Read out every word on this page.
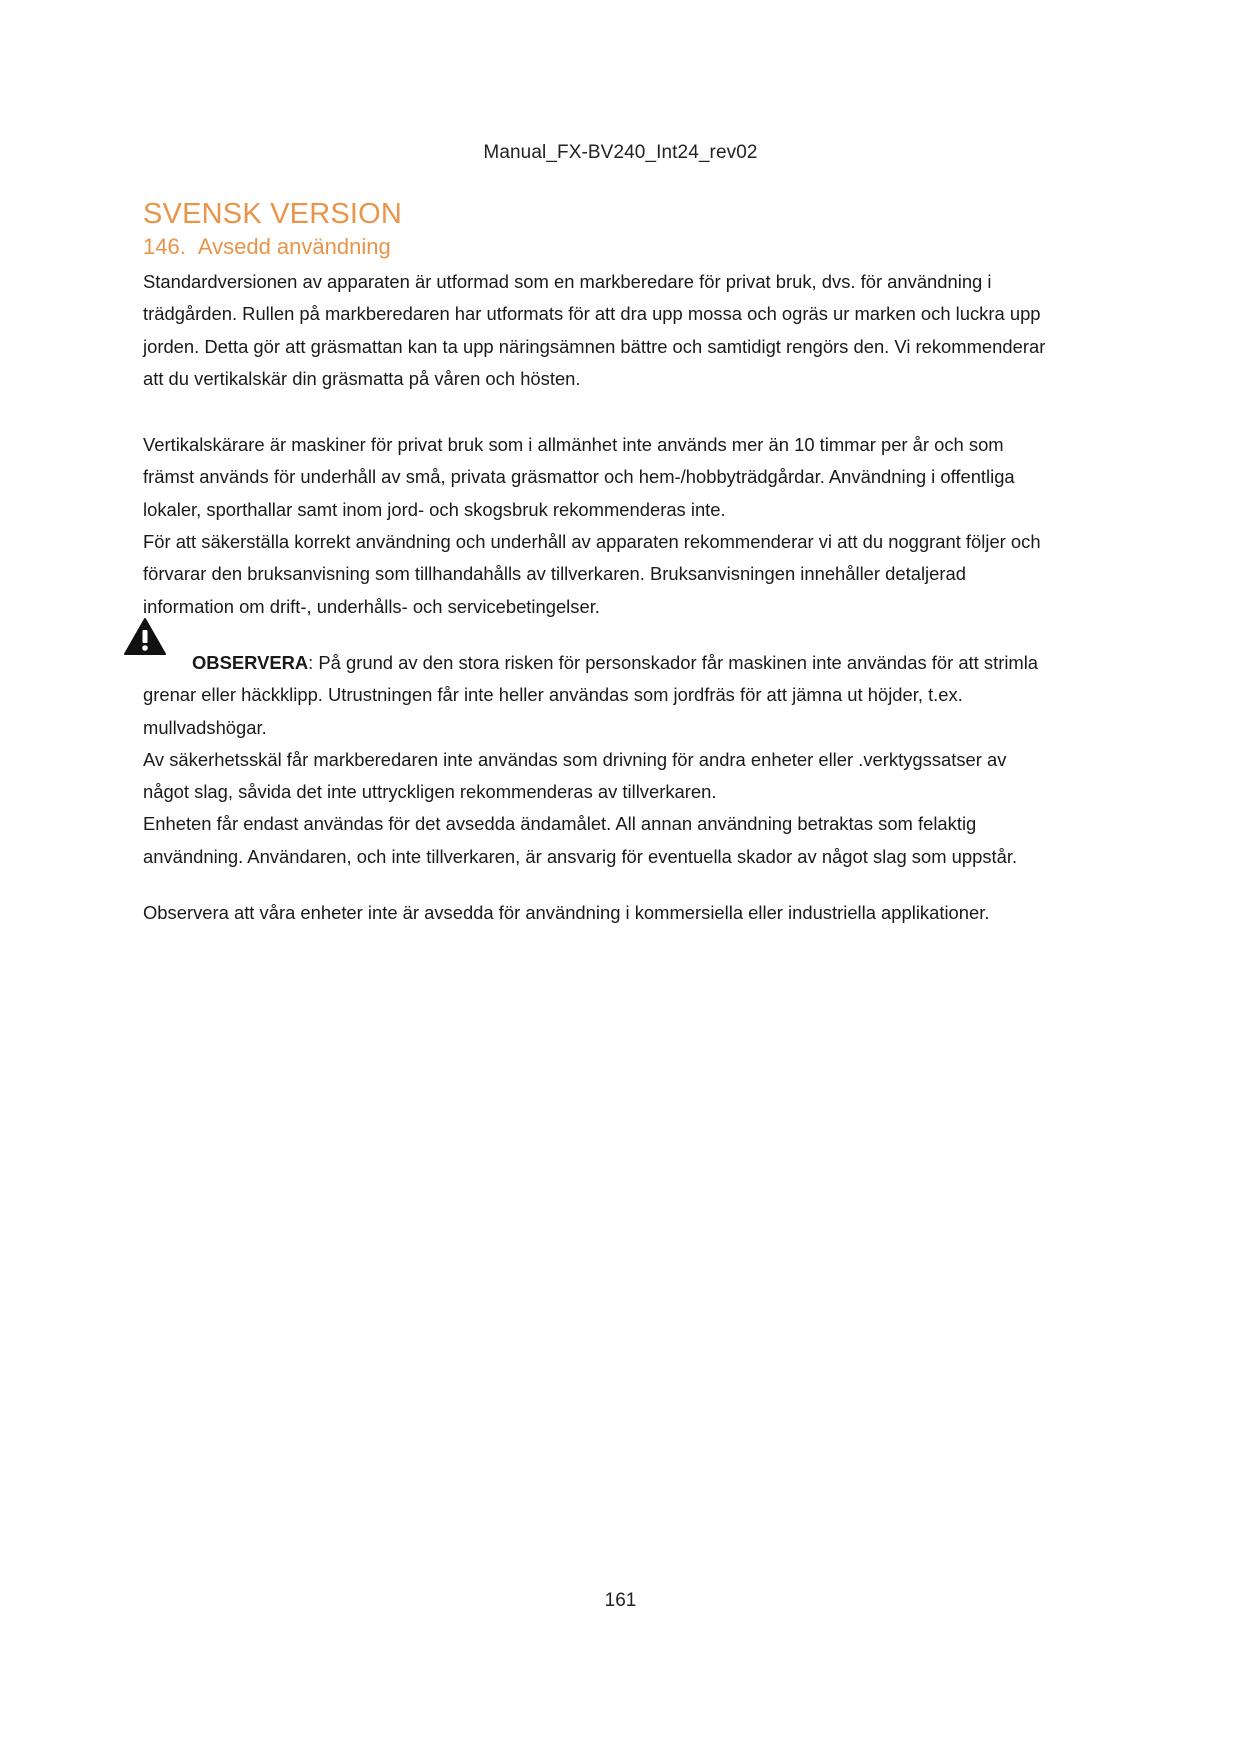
Manual_FX-BV240_Int24_rev02
SVENSK VERSION
146. Avsedd användning

Standardversionen av apparaten är utformad som en markberedare för privat bruk, dvs. för användning i trädgården. Rullen på markberedaren har utformats för att dra upp mossa och ogräs ur marken och luckra upp jorden. Detta gör att gräsmattan kan ta upp näringsämnen bättre och samtidigt rengörs den. Vi rekommenderar att du vertikalskär din gräsmatta på våren och hösten.

Vertikalskärare är maskiner för privat bruk som i allmänhet inte används mer än 10 timmar per år och som främst används för underhåll av små, privata gräsmattor och hem-/hobbyträdgårdar. Användning i offentliga lokaler, sporthallar samt inom jord- och skogsbruk rekommenderas inte.

För att säkerställa korrekt användning och underhåll av apparaten rekommenderar vi att du noggrant följer och förvarar den bruksanvisning som tillhandahålls av tillverkaren. Bruksanvisningen innehåller detaljerad information om drift-, underhålls- och servicebetingelser.

OBSERVERA: På grund av den stora risken för personskador får maskinen inte användas för att strimla grenar eller häckklipp. Utrustningen får inte heller användas som jordfräs för att jämna ut höjder, t.ex. mullvadshögar.

Av säkerhetsskäl får markberedaren inte användas som drivning för andra enheter eller .verktygssatser av något slag, såvida det inte uttryckligen rekommenderas av tillverkaren.

Enheten får endast användas för det avsedda ändamålet. All annan användning betraktas som felaktig användning. Användaren, och inte tillverkaren, är ansvarig för eventuella skador av något slag som uppstår.

Observera att våra enheter inte är avsedda för användning i kommersiella eller industriella applikationer.

161
